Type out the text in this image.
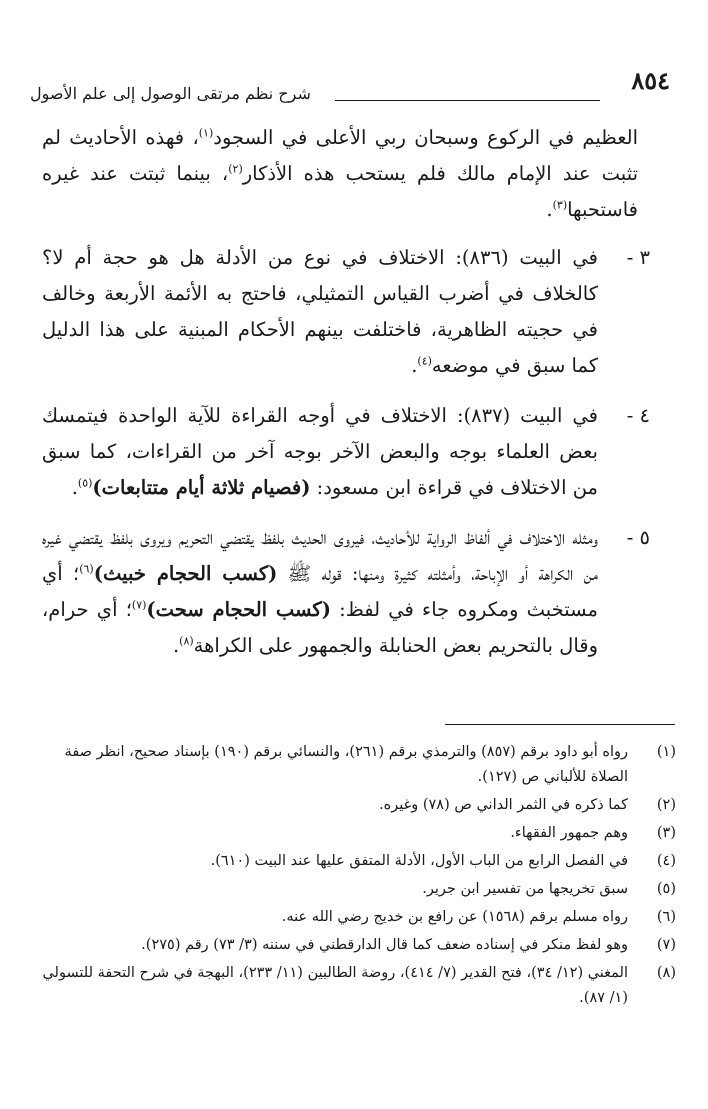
٨٥٤
شرح نظم مرتقى الوصول إلى علم الأصول

العظيم في الركوع وسبحان ربي الأعلى في السجود$^{(١)}$، فهذه الأحاديث لم تثبت عند الإمام مالك فلم يستحب هذه الأذكار$^{(٢)}$، بينما ثبتت عند غيره فاستحبها$^{(٣)}$.

٣ -
في البيت (٨٣٦): الاختلاف في نوع من الأدلة هل هو حجة أم لا؟ كالخلاف في أضرب القياس التمثيلي، فاحتج به الأئمة الأربعة وخالف في حجيته الظاهرية، فاختلفت بينهم الأحكام المبنية على هذا الدليل كما سبق في موضعه$^{(٤)}$.
٤ -
في البيت (٨٣٧): الاختلاف في أوجه القراءة للآية الواحدة فيتمسك بعض العلماء بوجه والبعض الآخر بوجه آخر من القراءات، كما سبق من الاختلاف في قراءة ابن مسعود: (فصيام ثلاثة أيام متتابعات)$^{(٥)}$.
٥ -
ومثله الاختلاف في ألفاظ الرواية للأحاديث، فيروى الحديث بلفظ يقتضي التحريم ويروى بلفظ يقتضي غيره من الكراهة أو الإباحة، وأمثلته كثيرة ومنها: قوله ﷺ (كسب الحجام خبيث)$^{(٦)}$؛ أي مستخبث ومكروه جاء في لفظ: (كسب الحجام سحت)$^{(٧)}$؛ أي حرام، وقال بالتحريم بعض الحنابلة والجمهور على الكراهة$^{(٨)}$.
(١)
رواه أبو داود برقم (٨٥٧) والترمذي برقم (٢٦١)، والنسائي برقم (١٩٠) بإسناد صحيح، انظر صفة الصلاة للألباني ص (١٢٧).
(٢)
كما ذكره في الثمر الداني ص (٧٨) وغيره.
(٣)
وهم جمهور الفقهاء.
(٤)
في الفصل الرابع من الباب الأول، الأدلة المتفق عليها عند البيت (٦١٠).
(٥)
سبق تخريجها من تفسير ابن جرير.
(٦)
رواه مسلم برقم (١٥٦٨) عن رافع بن خديج رضي الله عنه.
(٧)
وهو لفظ منكر في إسناده ضعف كما قال الدارقطني في سننه (٣/ ٧٣) رقم (٢٧٥).
(٨)
المغني (١٢/ ٣٤)، فتح القدير (٧/ ٤١٤)، روضة الطالبين (١١/ ٢٣٣)، البهجة في شرح التحفة للتسولي (١/ ٨٧).
